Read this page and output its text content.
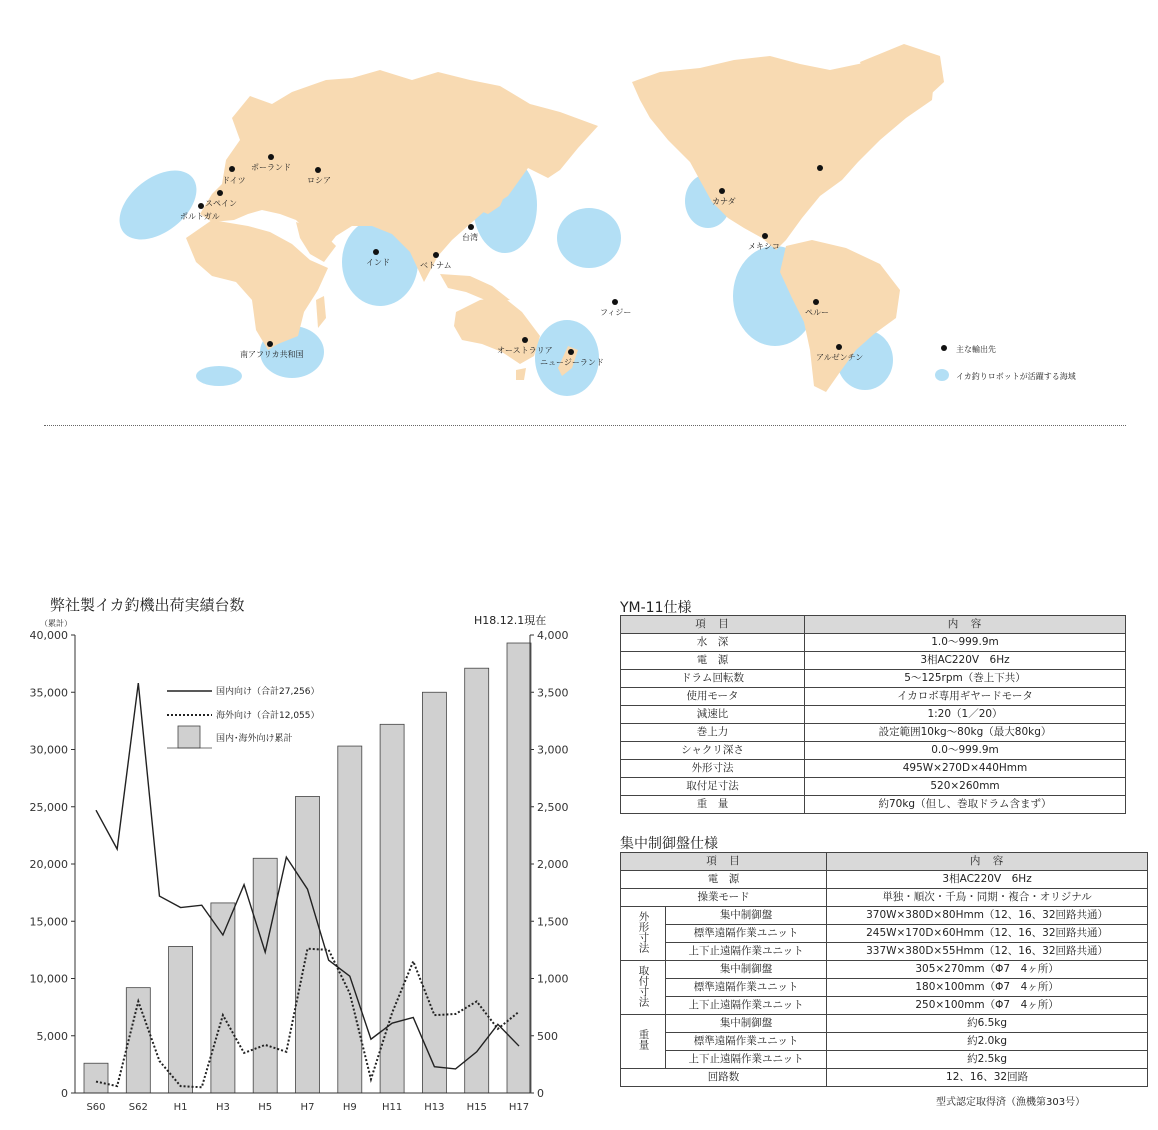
ポーランド
ドイツ	ロシア
スペイン
ポルトガル
台湾
インド	ベトナム
フィジー
南アフリカ共和国	オーストラリア
ニュージーランド
カナダ
メキシコ
ペルー
アルゼンチン
主な輸出先
イカ釣りロボットが活躍する海域
弊社製イカ釣機出荷実績台数
H18.12.1現在
（累計）
0
5,000
10,000
15,000
20,000
25,000
30,000
35,000
40,000
0
500
1,000
1,500
2,000
2,500
3,000
3,500
4,000
S60 S62	H1	H3	H5	H7	H9	H11 H13 H15 H17
国内向け（合計27,256）
海外向け（合計12,055）
国内･海外向け累計
YM-11仕様
項　目	内　容
水　深	1.0～999.9m
電　源	3相AC220V　6Hz
ドラム回転数	5～125rpm（巻上下共）
使用モータ	イカロボ専用ギヤードモータ
減速比	1:20（1／20）
巻上力	設定範囲10kg～80kg（最大80kg）
シャクリ深さ	0.0～999.9m
外形寸法	495W×270D×440Hmm
取付足寸法	520×260mm
重　量	約70kg（但し、巻取ドラム含まず）
集中制御盤仕様
項　目		内　容
電　源		3相AC220V　6Hz
操業モード		単独・順次・千鳥・同期・複合・オリジナル
外形寸法	集中制御盤	370W×380D×80Hmm（12、16、32回路共通）
	標準遠隔作業ユニット	245W×170D×60Hmm（12、16、32回路共通）
	上下止遠隔作業ユニット	337W×380D×55Hmm（12、16、32回路共通）
取付寸法	集中制御盤	305×270mm（Φ7　4ヶ所）
	標準遠隔作業ユニット	180×100mm（Φ7　4ヶ所）
	上下止遠隔作業ユニット	250×100mm（Φ7　4ヶ所）
重量	集中制御盤	約6.5kg
	標準遠隔作業ユニット	約2.0kg
	上下止遠隔作業ユニット	約2.5kg
回路数		12、16、32回路
型式認定取得済（漁機第303号）
